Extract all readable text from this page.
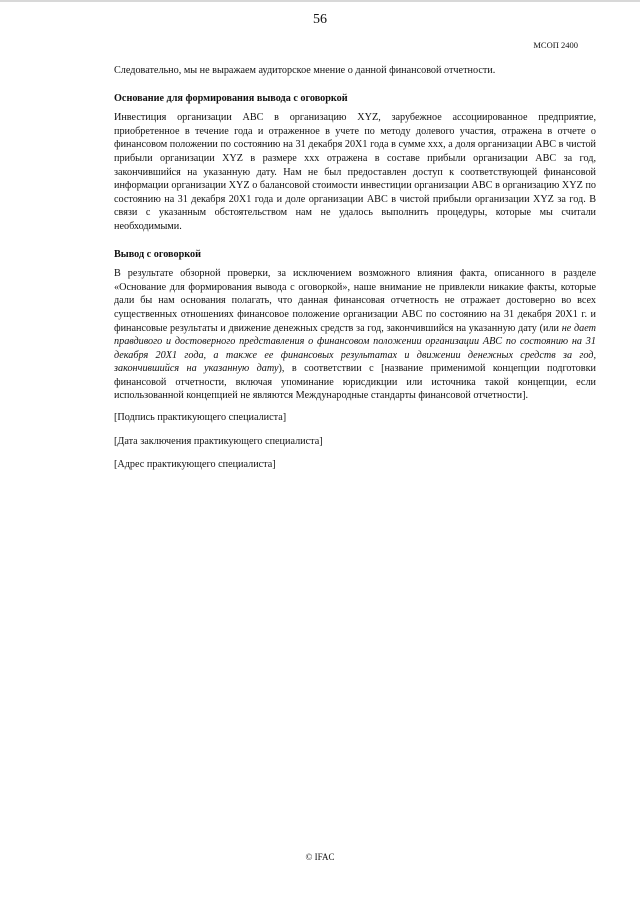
56
МСОП 2400

Следовательно, мы не выражаем аудиторское мнение о данной финансовой отчетности.

Основание для формирования вывода с оговоркой

Инвестиция организации ABC в организацию XYZ, зарубежное ассоциированное предприятие, приобретенное в течение года и отраженное в учете по методу долевого участия, отражена в отчете о финансовом положении по состоянию на 31 декабря 20X1 года в сумме xxx, а доля организации ABC в чистой прибыли организации XYZ в размере xxx отражена в составе прибыли организации ABC за год, закончившийся на указанную дату. Нам не был предоставлен доступ к соответствующей финансовой информации организации XYZ о балансовой стоимости инвестиции организации ABC в организацию XYZ по состоянию на 31 декабря 20X1 года и доле организации ABC в чистой прибыли организации XYZ за год. В связи с указанным обстоятельством нам не удалось выполнить процедуры, которые мы считали необходимыми.

Вывод с оговоркой

В результате обзорной проверки, за исключением возможного влияния факта, описанного в разделе «Основание для формирования вывода с оговоркой», наше внимание не привлекли никакие факты, которые дали бы нам основания полагать, что данная финансовая отчетность не отражает достоверно во всех существенных отношениях финансовое положение организации ABC по состоянию на 31 декабря 20X1 г. и финансовые результаты и движение денежных средств за год, закончившийся на указанную дату (или не дает правдивого и достоверного представления о финансовом положении организации ABC по состоянию на 31 декабря 20X1 года, а также ее финансовых результатах и движении денежных средств за год, закончившийся на указанную дату), в соответствии с [название применимой концепции подготовки финансовой отчетности, включая упоминание юрисдикции или источника такой концепции, если использованной концепцией не являются Международные стандарты финансовой отчетности].

[Подпись практикующего специалиста]

[Дата заключения практикующего специалиста]

[Адрес практикующего специалиста]

© IFAC
